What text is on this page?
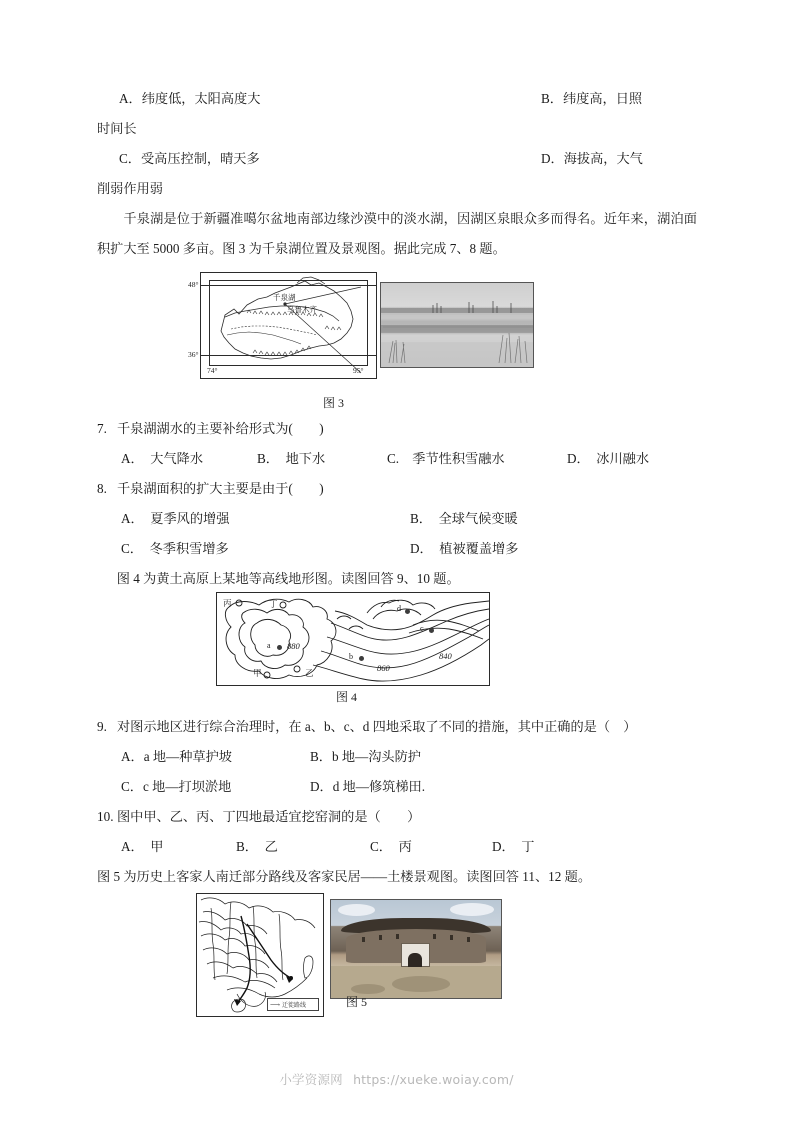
A．纬度低，太阳高度大	B．纬度高，日照
时间长
C．受高压控制，晴天多	D．海拔高，大气
削弱作用弱
千泉湖是位于新疆准噶尔盆地南部边缘沙漠中的淡水湖，因湖区泉眼众多而得名。近年来，湖泊面积扩大至 5000 多亩。图 3 为千泉湖位置及景观图。据此完成 7、8 题。
7. 千泉湖湖水的主要补给形式为(　　)
A．　大气降水	B．　地下水	C.　季节性积雪融水	D．　冰川融水
8. 千泉湖面积的扩大主要是由于(　　)
A．　夏季风的增强	B．　全球气候变暖
C．　冬季积雪增多	D．　植被覆盖增多
图 4 为黄土高原上某地等高线地形图。读图回答 9、10 题。
9. 对图示地区进行综合治理时，在 a、b、c、d 四地采取了不同的措施，其中正确的是（　）
A．a 地—种草护坡	B．b 地—沟头防护
C．c 地—打坝淤地	D．d 地—修筑梯田.
10. 图中甲、乙、丙、丁四地最适宜挖窑洞的是（　　）
A．　甲	B．　乙	C．　丙	D．　丁
图 5 为历史上客家人南迁部分路线及客家民居——土楼景观图。读图回答 11、12 题。
48°
36°
74°	95°
千泉湖
乌鲁木齐
图 3
a
b
c
d
丙	丁
甲	乙
880
860
840
图 4
⟶ 迁徙路线	图 5
小学资源网 https://xueke.woiay.com/
